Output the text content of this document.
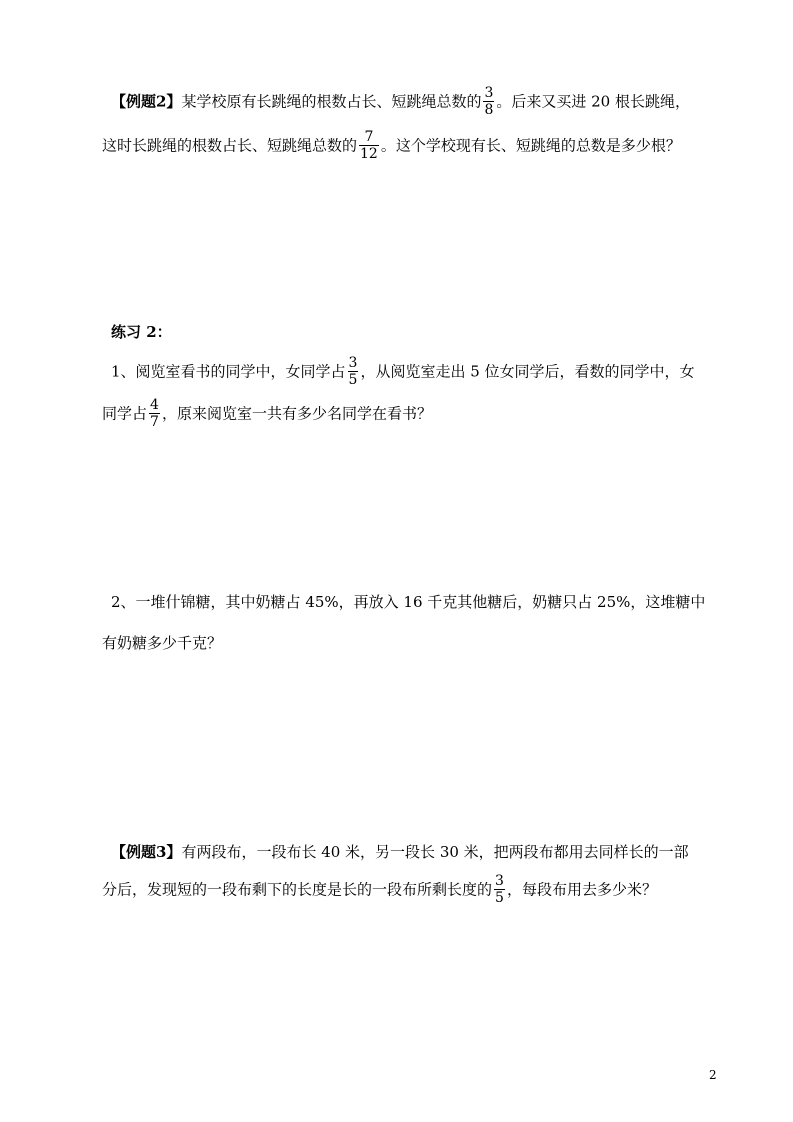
【例题2】某学校原有长跳绳的根数占长、短跳绳总数的 $\frac{3}{8}$ 。后来又买进 20 根长跳绳，
这时长跳绳的根数占长、短跳绳总数的 $\frac{7}{12}$ 。这个学校现有长、短跳绳的总数是多少根？
练习 2：
1、阅览室看书的同学中，女同学占 $\frac{3}{5}$ ，从阅览室走出 5 位女同学后，看数的同学中，女
同学占 $\frac{4}{7}$ ，原来阅览室一共有多少名同学在看书？
2、一堆什锦糖，其中奶糖占 45%，再放入 16 千克其他糖后，奶糖只占 25%，这堆糖中
有奶糖多少千克？
【例题3】有两段布，一段布长 40 米，另一段长 30 米，把两段布都用去同样长的一部
分后，发现短的一段布剩下的长度是长的一段布所剩长度的 $\frac{3}{5}$ ，每段布用去多少米？
2
